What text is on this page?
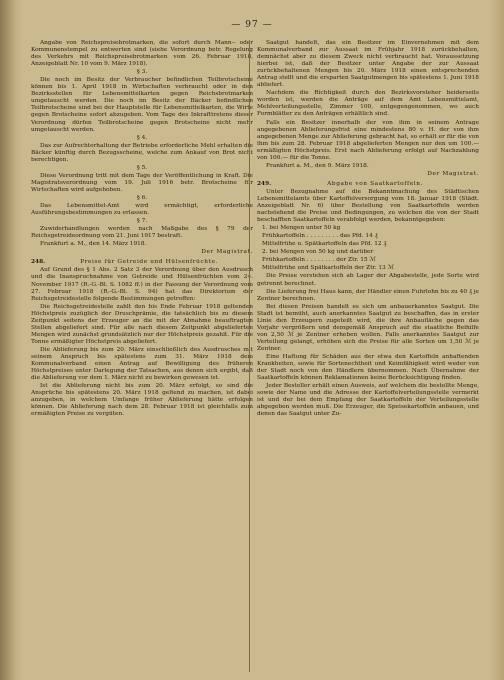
— 97 —

Angabe von Reichspreisebrotmarken, die sofort durch Mann-- oder Kommunenstempel zu entwerten sind (siehe Verordnung betr. Regelung des Verkehrs mit Reichspreisebrotmarken vom 26. Februar 1918, Anzeigeblatt Nr. 10 vom 9. März 1918).

§ 3.

Die noch im Besitz der Verbraucher befindlichen Teilbrotscheine können bis 1. April 1918 in Wirtschaften verbraucht oder in den Bezirksstellen für Lebensmittelkarten gegen Reichsbrotmarken umgetauscht werden. Die noch im Besitz der Bäcker befindlichen Teilbrotscheine sind bei der Hauptstelle für Lebensmittelkarten, die Wirte gegen Brotscheine sofort abzugeben. Vom Tage des Inkrafttretens dieser Verordnung dürfen Teilbrotscheine gegen Brotscheine nicht mehr umgetauscht werden.

§ 4.

Das zur Aufrechterhaltung der Betriebe erforderliche Mehl erhalten die Bäcker künftig durch Bezugsscheine, welche zum Ankauf von Brot nicht berechtigen.

§ 5.

Diese Verordnung tritt mit dem Tage der Veröffentlichung in Kraft. Die Magistratsverordnung vom 19. Juli 1916 betr. Brotscheine für Wirtschaften wird aufgehoben.

§ 6.

Das Lebensmittel-Amt wird ermächtigt, erforderliche Ausführungsbestimmungen zu erlassen.

§ 7.

Zuwiderhandlungen werden nach Maßgabe des § 79 der Reichsgetreideordnung vom 21. Juni 1917 bestraft.

Frankfurt a. M., den 14. März 1918.

Der Magistrat.

248.	Preise für Getreide und Hülsenfrüchte.

Auf Grund des § 1 Abs. 2 Satz 3 der Verordnung über den Ausdrusch und die Inanspruchnahme von Getreide und Hülsenfrüchten vom 24. November 1917 (R.-G.-Bl. S. 1082 ff.) in der Fassung der Verordnung vom 27. Februar 1918 (R.-G.-Bl. S. 94) hat das Direktorium der Reichsgetreidestelle folgende Bestimmungen getroffen:

Die Reichsgetreidestelle zahlt den bis Ende Februar 1918 geltenden Höchstpreis zuzüglich der Druschprämie, die tatsächlich bis zu diesem Zeitpunkt seitens der Erzeuger an die mit der Abnahme beauftragten Stellen abgeliefert sind. Für alle nach diesem Zeitpunkt abgelieferten Mengen wird zunächst grundsätzlich nur der Höchstpreis gezahlt. Für die Tonne ermäßigter Höchstpreis abgeliefert.

Die Ablieferung bis zum 20. März einschließlich des Ausdrusches mit seinem Anspruch bis spätestens zum 31. März 1918 dem Kommunalverband einen Antrag auf Bewilligung des früheren Höchstpreises unter Darlegung der Tatsachen, aus denen sich ergibt, daß die Ablieferung vor dem 1. März nicht zu bewirken gewesen ist.

Ist die Ablieferung nicht bis zum 20. März erfolgt, so sind die Ansprüche bis spätestens 20. März 1918 geltend zu machen, ist dabei anzugeben, in welchem Umfange früher Ablieferung hätte erfolgen können. Die Ablieferung nach dem 28. Februar 1918 ist gleichfalls zum ermäßigten Preise zu vergüten.

Saatgut handelt, das ein Besitzer im Einvernehmen mit dem Kommunalverband zur Aussaat im Frühjahr 1918 zurückbehalten, demnächst aber zu diesem Zweck nicht verbraucht hat. Voraussetzung hierbei ist, daß der Besitzer unter Angabe der zur Aussaat zurückbehaltenen Mengen bis 20. März 1918 einen entsprechenden Antrag stellt und die ersparten Saatgutmengen bis spätestens 1. Juni 1918 abliefert.

Nachdem die Richtigkeit durch den Bezirksvorsteher beiderseits worden ist, werden die Anträge auf dem Amt Lebensmittelamt, Mehlverteilungsstelle, Zimmer 100, entgegengenommen, wo auch Formblätter zu den Anträgen erhältlich sind.

Falls ein Besitzer innerhalb der von ihm in seinem Antrage angegebenen Ablieferungsfrist eine mindestens 80 v. H. der von ihm angegebenen Menge zur Ablieferung gebracht hat, so erhält er für die von ihm bis zum 28. Februar 1918 abgelieferten Mengen nur den um 100.— ermäßigten Höchstpreis. Erst nach Ablieferung erfolgt auf Nachzahlung von 100.— für die Tonne.

Frankfurt a. M., den 9. März 1918.

Der Magistrat.

249.	Abgabe von Saatkartoffeln.

Unter Bezugnahme auf die Bekanntmachung des Städtischen Lebensmittelamts über Kartoffelversorgung vom 18. Januar 1918 (Städt. Anzeigeblatt Nr. 6) über Bestellung von Saatkartoffeln werden nachstehend die Preise und Bedingungen, zu welchen die von der Stadt beschafften Saatkartoffeln verabfolgt werden, bekanntgegeben:

1. bei Mengen unter 50 kg

Frühkartoffeln . . . . . . . . . das Pfd. 14 ₰

Mittelfrühe u. Spätkartoffeln das Pfd. 12 ₰

2. bei Mengen von 50 kg und darüber

Frühkartoffeln . . . . . . . . der Ztr. 15 ℳ

Mittelfrühe und Spätkartoffeln der Ztr. 13 ℳ

Die Preise verstehen sich ab Lager der Abgabestelle, jede Sorte wird getrennt berechnet.

Die Lieferung frei Haus kann, der Händler einen Fuhrlohn bis zu 40 ₰ je Zentner berechnen.

Bei diesen Preisen handelt es sich um anbauerkanntes Saatgut. Die Stadt ist bemüht, auch anerkanntes Saatgut zu beschaffen, das in erster Linie den Erzeugern zugeteilt wird, die ihre Anbaufläche gegen das Vorjahr vergrößern und demgemäß Anspruch auf die staatliche Beihilfe von 2,50 ℳ je Zentner erheben wollen. Falls anerkanntes Saatgut zur Verteilung gelangt, erhöhen sich die Preise für alle Sorten um 1,50 ℳ je Zentner.

Eine Haftung für Schäden aus der etwa den Kartoffeln anhaftenden Krankheiten, sowie für Sortenechtheit und Keimfähigkeit wird weder von der Stadt noch von den Händlern übernommen. Nach Übernahme der Saatkartoffeln können Reklamationen keine Berücksichtigung finden.

Jeder Besteller erhält einen Ausweis, auf welchem die bestellte Menge, sowie der Name und die Adresse der Kartoffelverteilungsstelle vermerkt ist und der bei dem Empfang der Saatkartoffeln der Verteilungsstelle abgegeben werden muß. Die Erzeuger, die Speisekartoffeln anbauen, und denen das Saatgut unter Zu-
